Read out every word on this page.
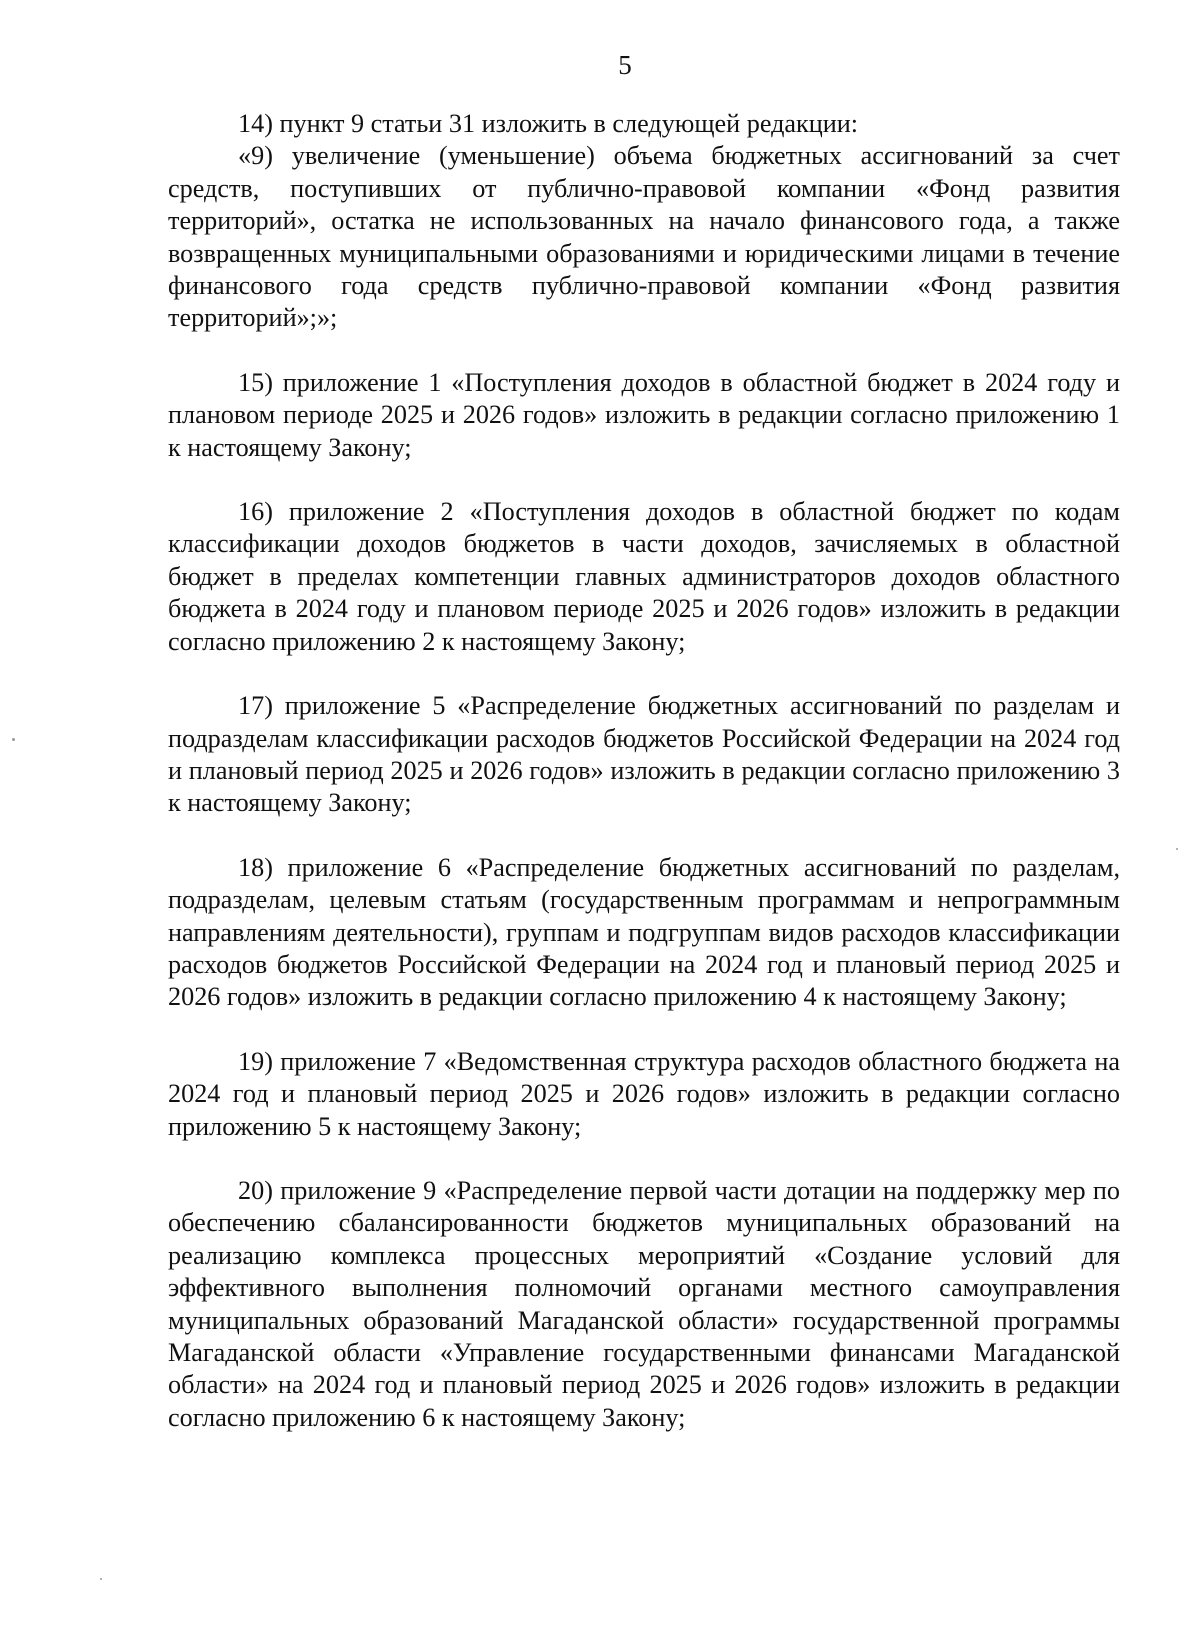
5

14) пункт 9 статьи 31 изложить в следующей редакции:

«9) увеличение (уменьшение) объема бюджетных ассигнований за счет средств, поступивших от публично-правовой компании «Фонд развития территорий», остатка не использованных на начало финансового года, а также возвращенных муниципальными образованиями и юридическими лицами в течение финансового года средств публично-правовой компании «Фонд развития территорий»;»;

15) приложение 1 «Поступления доходов в областной бюджет в 2024 году и плановом периоде 2025 и 2026 годов» изложить в редакции согласно приложению 1 к настоящему Закону;

16) приложение 2 «Поступления доходов в областной бюджет по кодам классификации доходов бюджетов в части доходов, зачисляемых в областной бюджет в пределах компетенции главных администраторов доходов областного бюджета в 2024 году и плановом периоде 2025 и 2026 годов» изложить в редакции согласно приложению 2 к настоящему Закону;

17) приложение 5 «Распределение бюджетных ассигнований по разделам и подразделам классификации расходов бюджетов Российской Федерации на 2024 год и плановый период 2025 и 2026 годов» изложить в редакции согласно приложению 3 к настоящему Закону;

18) приложение 6 «Распределение бюджетных ассигнований по разделам, подразделам, целевым статьям (государственным программам и непрограммным направлениям деятельности), группам и подгруппам видов расходов классификации расходов бюджетов Российской Федерации на 2024 год и плановый период 2025 и 2026 годов» изложить в редакции согласно приложению 4 к настоящему Закону;

19) приложение 7 «Ведомственная структура расходов областного бюджета на 2024 год и плановый период 2025 и 2026 годов» изложить в редакции согласно приложению 5 к настоящему Закону;

20) приложение 9 «Распределение первой части дотации на поддержку мер по обеспечению сбалансированности бюджетов муниципальных образований на реализацию комплекса процессных мероприятий «Создание условий для эффективного выполнения полномочий органами местного самоуправления муниципальных образований Магаданской области» государственной программы Магаданской области «Управление государственными финансами Магаданской области» на 2024 год и плановый период 2025 и 2026 годов» изложить в редакции согласно приложению 6 к настоящему Закону;
